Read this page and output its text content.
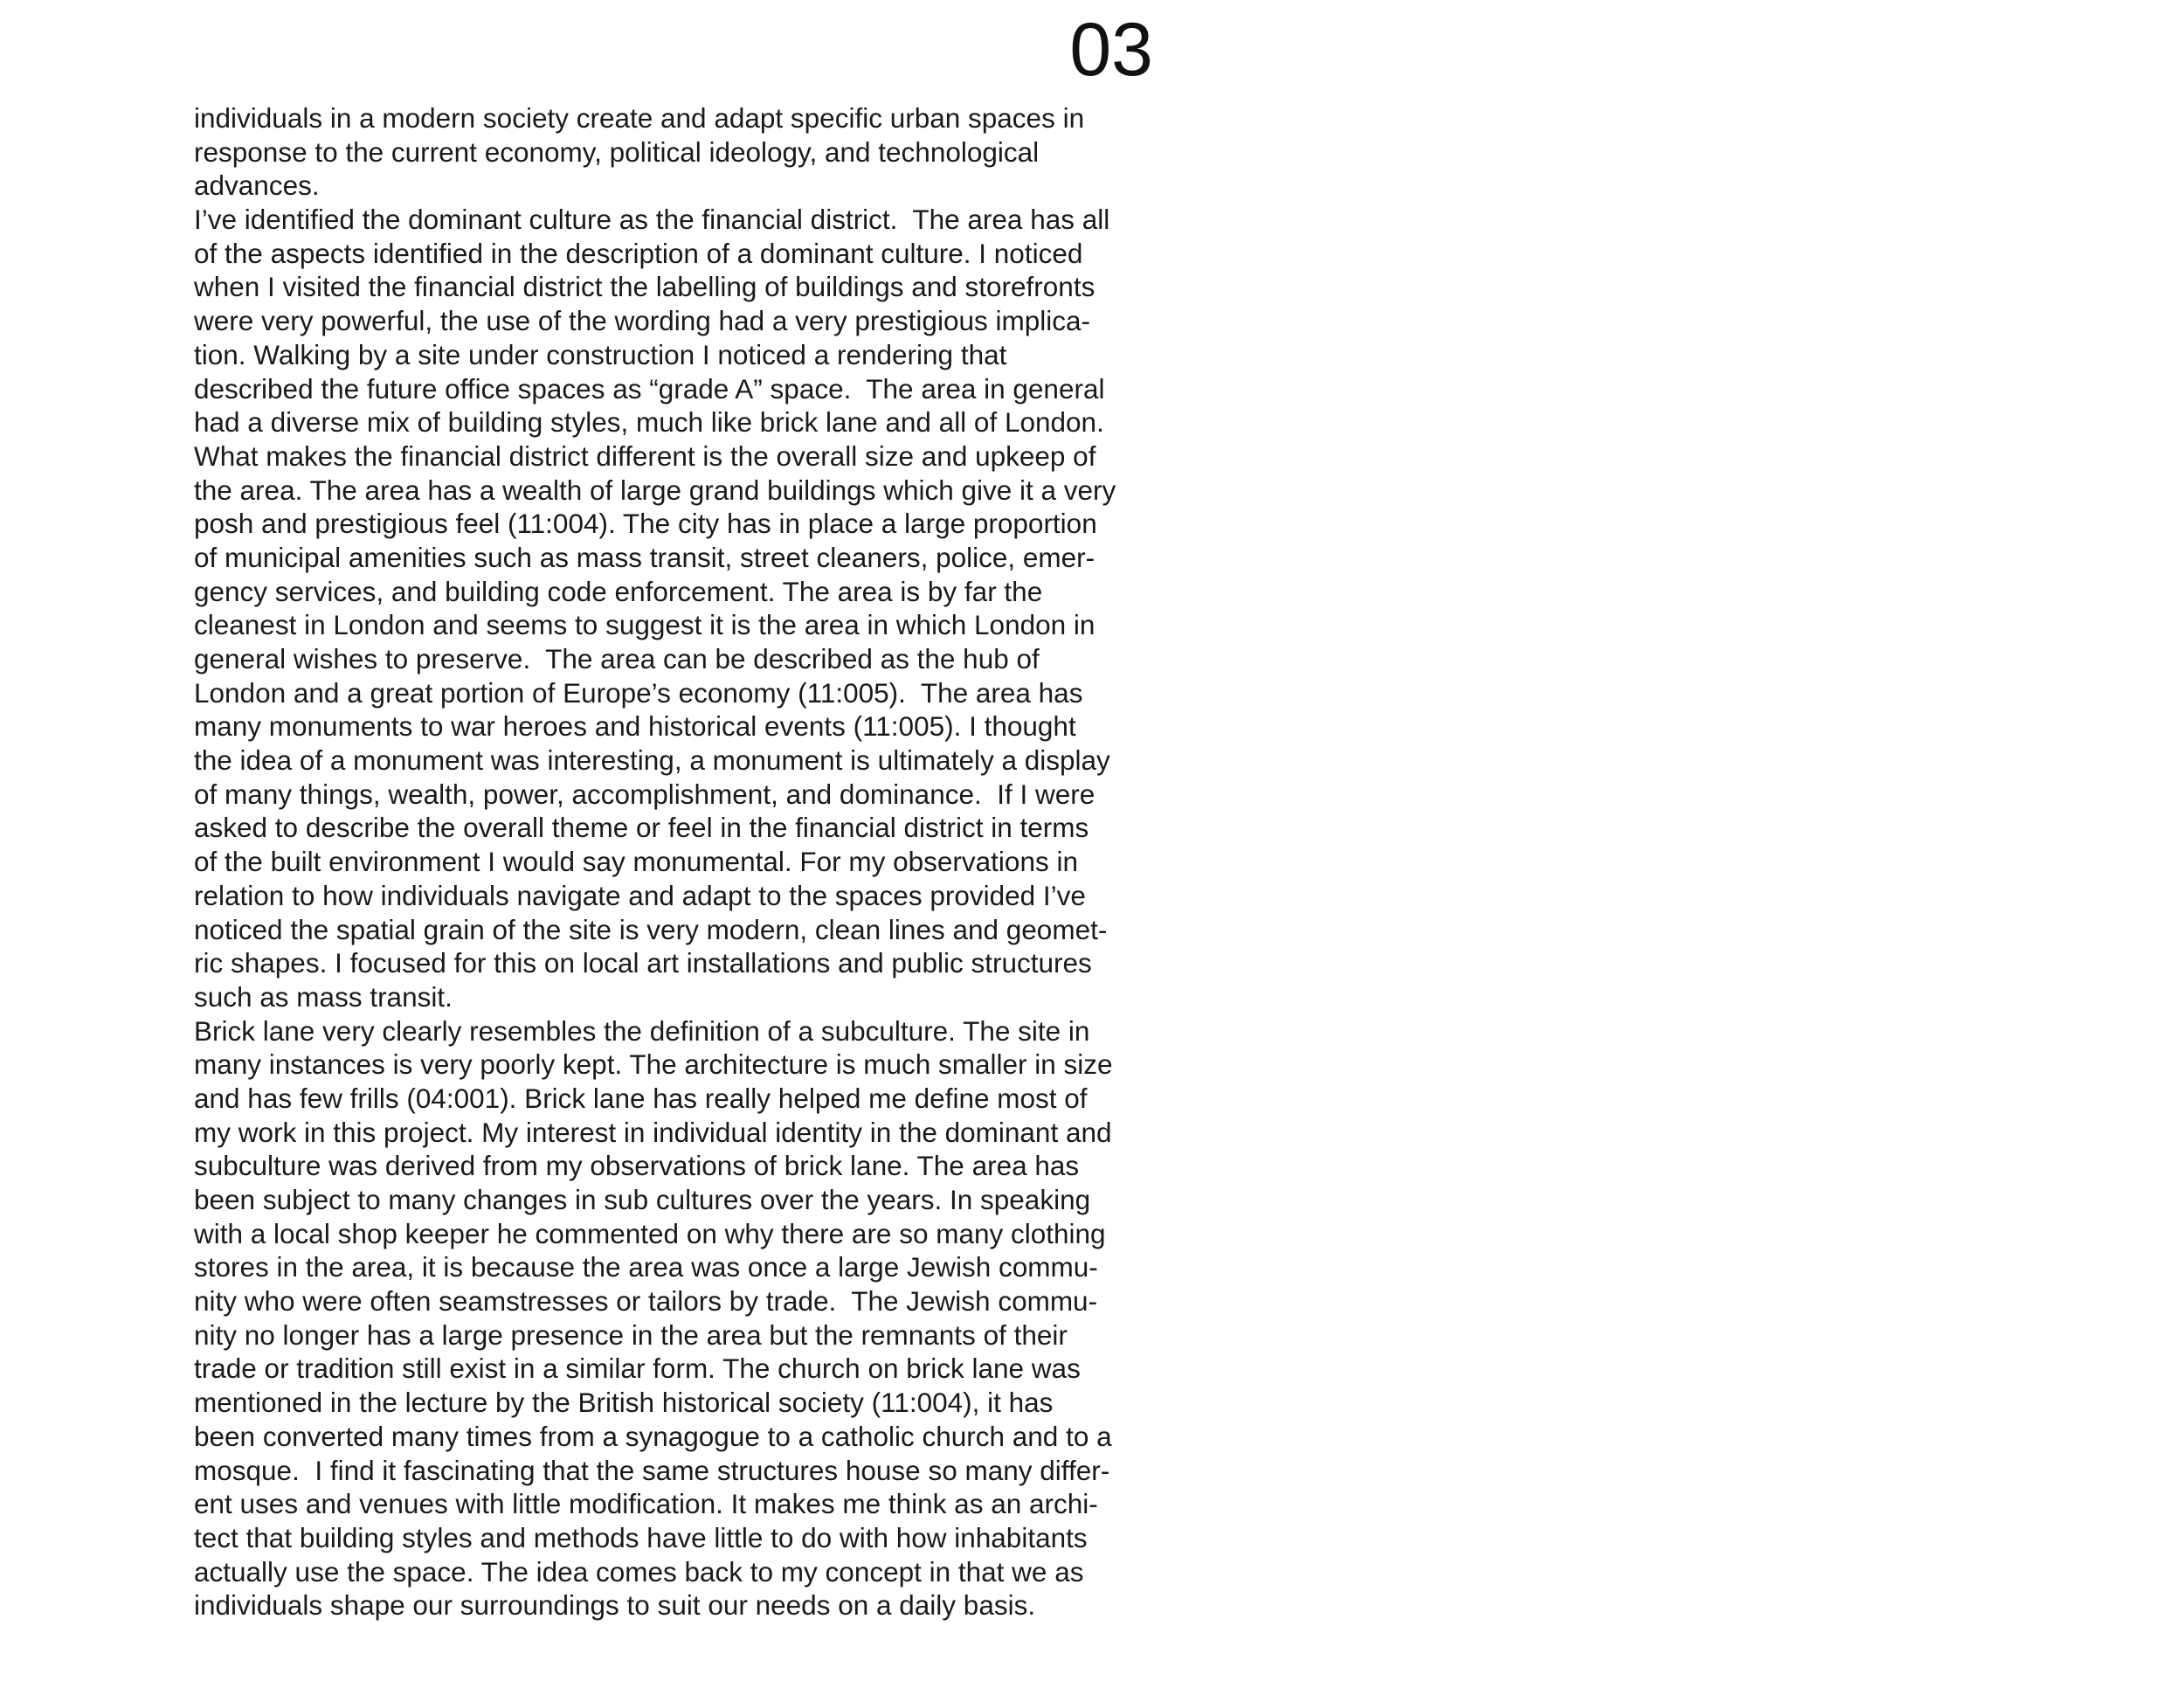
03
individuals in a modern society create and adapt specific urban spaces in
response to the current economy, political ideology, and technological
advances.
I’ve identified the dominant culture as the financial district.  The area has all
of the aspects identified in the description of a dominant culture. I noticed
when I visited the financial district the labelling of buildings and storefronts
were very powerful, the use of the wording had a very prestigious implica-
tion. Walking by a site under construction I noticed a rendering that
described the future office spaces as “grade A” space.  The area in general
had a diverse mix of building styles, much like brick lane and all of London.
What makes the financial district different is the overall size and upkeep of
the area. The area has a wealth of large grand buildings which give it a very
posh and prestigious feel (11:004). The city has in place a large proportion
of municipal amenities such as mass transit, street cleaners, police, emer-
gency services, and building code enforcement. The area is by far the
cleanest in London and seems to suggest it is the area in which London in
general wishes to preserve.  The area can be described as the hub of
London and a great portion of Europe’s economy (11:005).  The area has
many monuments to war heroes and historical events (11:005). I thought
the idea of a monument was interesting, a monument is ultimately a display
of many things, wealth, power, accomplishment, and dominance.  If I were
asked to describe the overall theme or feel in the financial district in terms
of the built environment I would say monumental. For my observations in
relation to how individuals navigate and adapt to the spaces provided I’ve
noticed the spatial grain of the site is very modern, clean lines and geomet-
ric shapes. I focused for this on local art installations and public structures
such as mass transit.
Brick lane very clearly resembles the definition of a subculture. The site in
many instances is very poorly kept. The architecture is much smaller in size
and has few frills (04:001). Brick lane has really helped me define most of
my work in this project. My interest in individual identity in the dominant and
subculture was derived from my observations of brick lane. The area has
been subject to many changes in sub cultures over the years. In speaking
with a local shop keeper he commented on why there are so many clothing
stores in the area, it is because the area was once a large Jewish commu-
nity who were often seamstresses or tailors by trade.  The Jewish commu-
nity no longer has a large presence in the area but the remnants of their
trade or tradition still exist in a similar form. The church on brick lane was
mentioned in the lecture by the British historical society (11:004), it has
been converted many times from a synagogue to a catholic church and to a
mosque.  I find it fascinating that the same structures house so many differ-
ent uses and venues with little modification. It makes me think as an archi-
tect that building styles and methods have little to do with how inhabitants
actually use the space. The idea comes back to my concept in that we as
individuals shape our surroundings to suit our needs on a daily basis.
